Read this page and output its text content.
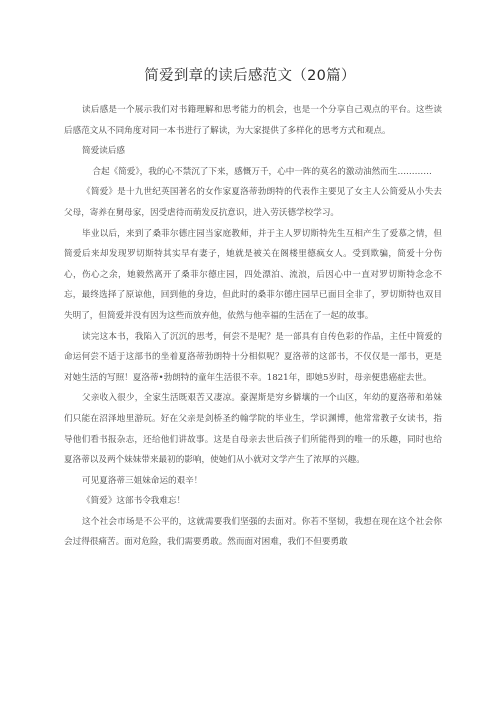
简爱到章的读后感范文（20篇）

读后感是一个展示我们对书籍理解和思考能力的机会，也是一个分享自己观点的平台。这些读后感范文从不同角度对同一本书进行了解读，为大家提供了多样化的思考方式和观点。

简爱读后感

合起《简爱》，我的心不禁沉了下来，感慨万千，心中一阵的莫名的激动油然而生…………

《简爱》是十九世纪英国著名的女作家夏洛蒂勃朗特的代表作主要见了女主人公简爱从小失去父母，寄养在舅母家，因受虐待而萌发反抗意识，进入劳沃德学校学习。

毕业以后，来到了桑菲尔德庄园当家庭教师，并于主人罗切斯特先生互相产生了爱慕之情，但简爱后来却发现罗切斯特其实早有妻子，她就是被关在阁楼里德疯女人。受到欺骗，简爱十分伤心，伤心之余，她毅然离开了桑菲尔德庄园，四处漂泊、流浪，后因心中一直对罗切斯特念念不忘，最终选择了原谅他，回到他的身边，但此时的桑菲尔德庄园早已面目全非了，罗切斯特也双目失明了，但简爱并没有因为这些而放弃他，依然与他幸福的生活在了一起的故事。

读完这本书，我陷入了沉沉的思考，何尝不是呢？是一部具有自传色彩的作品，主任中简爱的命运何尝不适于这部书的坐着夏洛蒂勃朗特十分相似呢？夏洛蒂的这部书，不仅仅是一部书，更是对她生活的写照！夏洛蒂•勃朗特的童年生活很不幸。1821年，即她5岁时，母亲便患癌症去世。

父亲收入很少，全家生活既艰苦又凄凉。豪渥斯是穷乡僻壤的一个山区，年幼的夏洛蒂和弟妹们只能在沼泽地里游玩。好在父亲是剑桥圣约翰学院的毕业生，学识渊博，他常常教子女读书，指导他们看书报杂志，还给他们讲故事。这是自母亲去世后孩子们所能得到的唯一的乐趣，同时也给夏洛蒂以及两个妹妹带来最初的影响，使她们从小就对文学产生了浓厚的兴趣。

可见夏洛蒂三姐妹命运的艰辛！

《简爱》这部书令我难忘！

这个社会市场是不公平的，这就需要我们坚强的去面对。你若不坚韧，我想在现在这个社会你会过得很痛苦。面对危险，我们需要勇敢。然而面对困难，我们不但要勇敢
